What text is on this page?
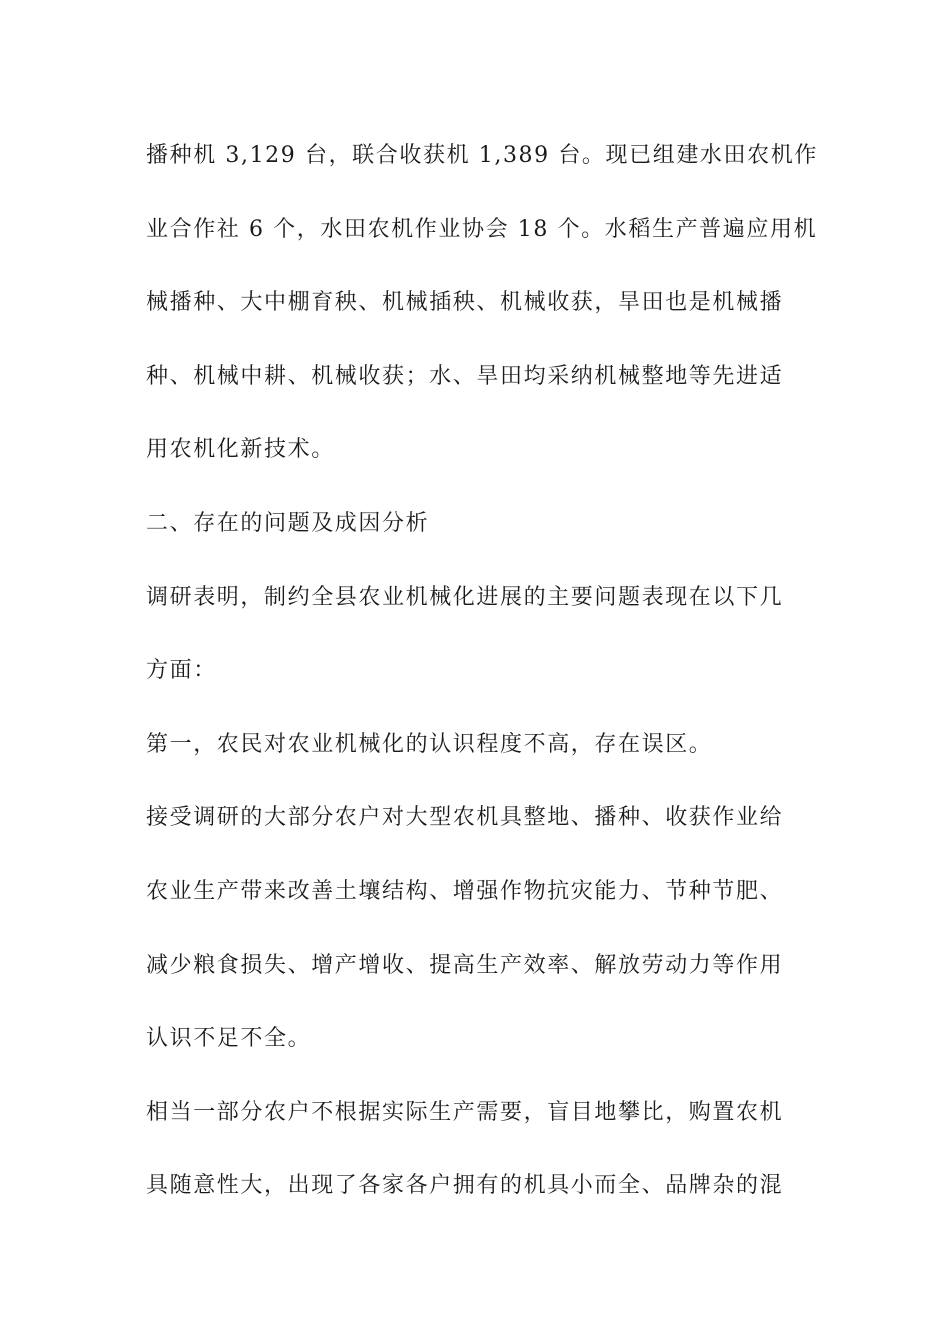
播种机 3,129 台，联合收获机 1,389 台。现已组建水田农机作
业合作社 6 个，水田农机作业协会 18 个。水稻生产普遍应用机
械播种、大中棚育秧、机械插秧、机械收获，旱田也是机械播
种、机械中耕、机械收获；水、旱田均采纳机械整地等先进适
用农机化新技术。
二、存在的问题及成因分析
调研表明，制约全县农业机械化进展的主要问题表现在以下几
方面：
第一，农民对农业机械化的认识程度不高，存在误区。
接受调研的大部分农户对大型农机具整地、播种、收获作业给
农业生产带来改善土壤结构、增强作物抗灾能力、节种节肥、
减少粮食损失、增产增收、提高生产效率、解放劳动力等作用
认识不足不全。
相当一部分农户不根据实际生产需要，盲目地攀比，购置农机
具随意性大，出现了各家各户拥有的机具小而全、品牌杂的混
